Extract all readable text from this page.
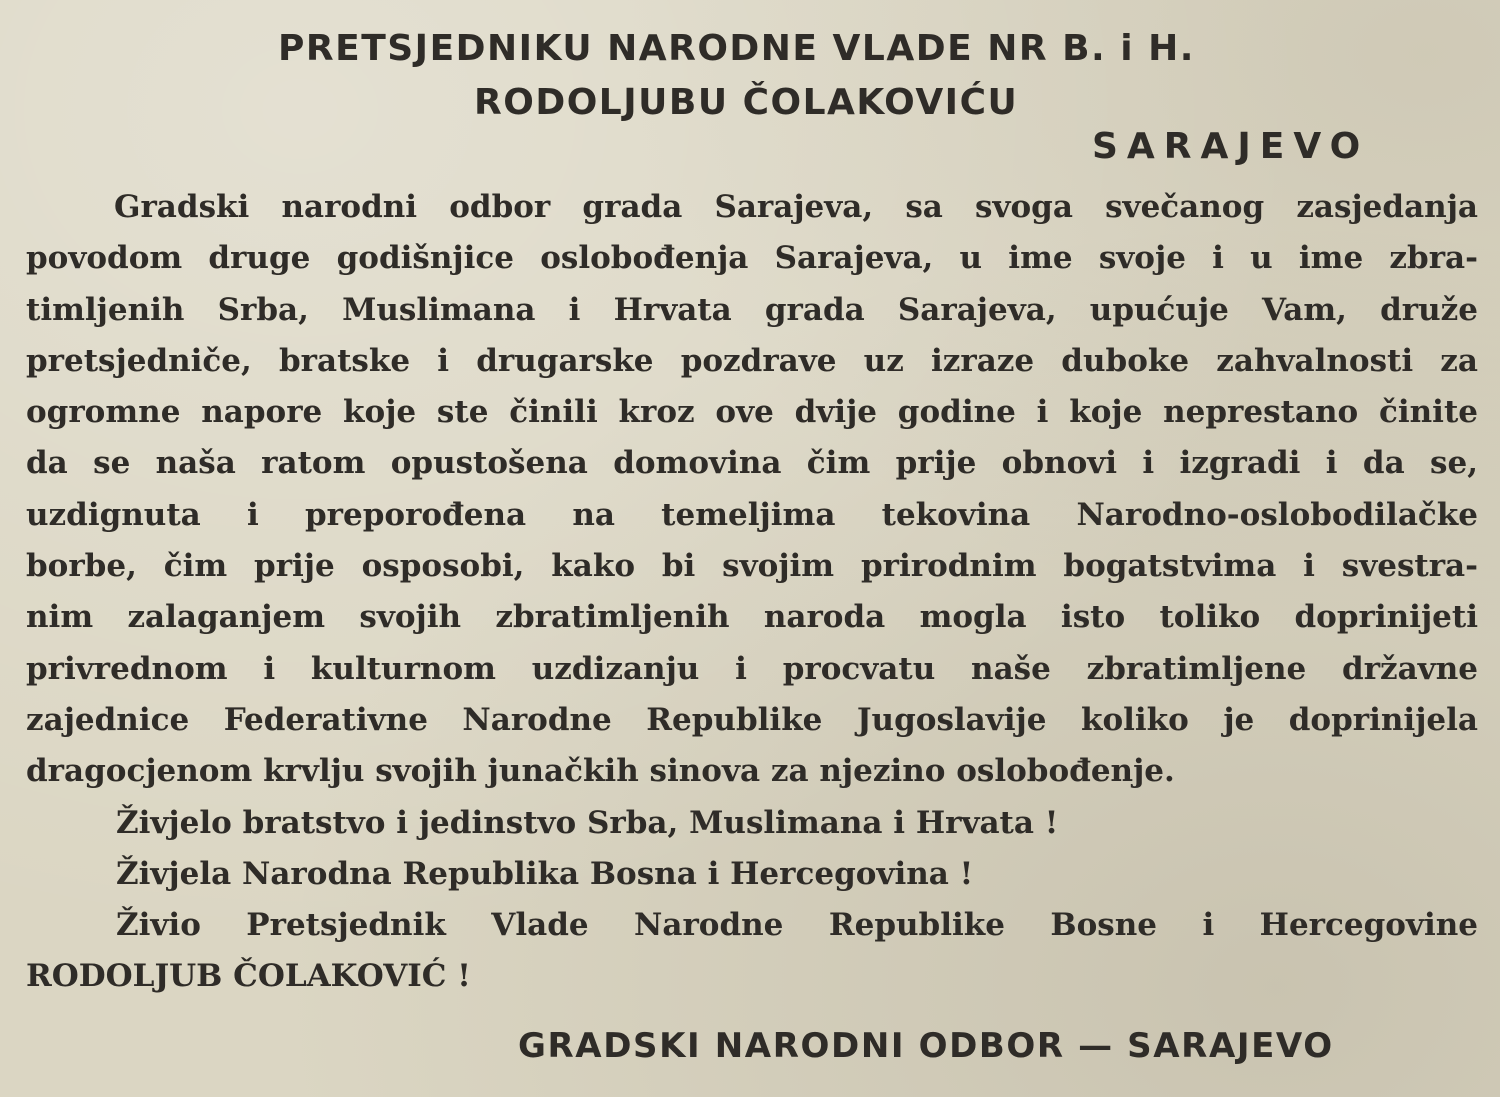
PRETSJEDNIKU NARODNE VLADE NR B. i H.
RODOLJUBU ČOLAKOVIĆU
SARAJEVO
Gradski narodni odbor grada Sarajeva, sa svoga svečanog zasjedanja
povodom druge godišnjice oslobođenja Sarajeva, u ime svoje i u ime zbra-
timljenih Srba, Muslimana i Hrvata grada Sarajeva, upućuje Vam, druže
pretsjedniče, bratske i drugarske pozdrave uz izraze duboke zahvalnosti za
ogromne napore koje ste činili kroz ove dvije godine i koje neprestano činite
da se naša ratom opustošena domovina čim prije obnovi i izgradi i da se,
uzdignuta i preporođena na temeljima tekovina Narodno-oslobodilačke
borbe, čim prije osposobi, kako bi svojim prirodnim bogatstvima i svestra-
nim zalaganjem svojih zbratimljenih naroda mogla isto toliko doprinijeti
privrednom i kulturnom uzdizanju i procvatu naše zbratimljene državne
zajednice Federativne Narodne Republike Jugoslavije koliko je doprinijela
dragocjenom krvlju svojih junačkih sinova za njezino oslobođenje.
Živjelo bratstvo i jedinstvo Srba, Muslimana i Hrvata !
Živjela Narodna Republika Bosna i Hercegovina !
Živio Pretsjednik Vlade Narodne Republike Bosne i Hercegovine
RODOLJUB ČOLAKOVIĆ !
GRADSKI NARODNI ODBOR — SARAJEVO
